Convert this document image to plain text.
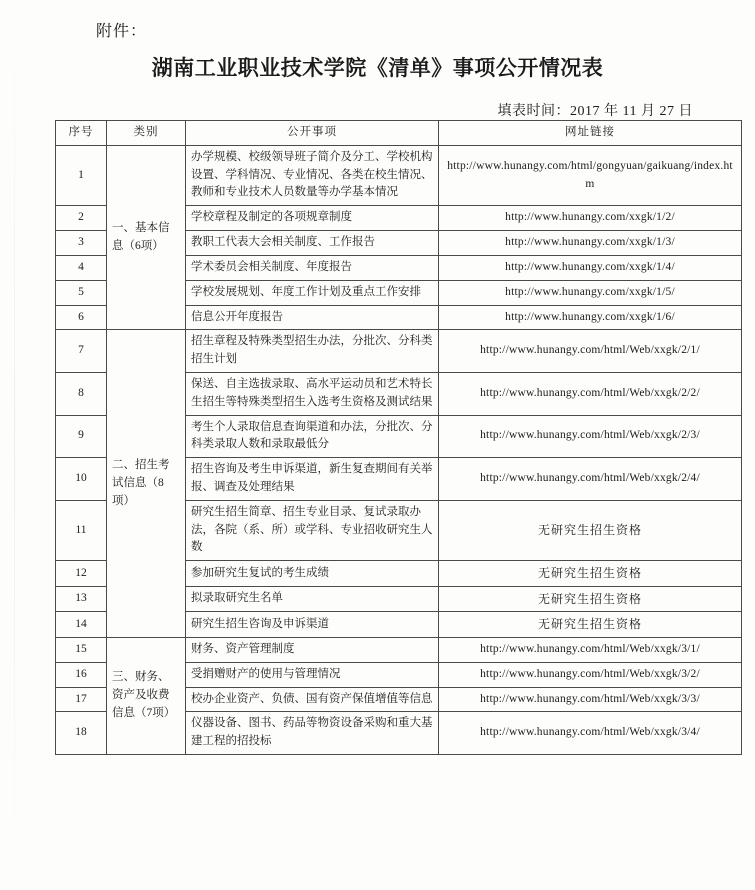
附件：
湖南工业职业技术学院《清单》事项公开情况表
填表时间：2017 年 11 月 27 日
序号	类别	公开事项	网址链接
1	一、基本信息（6项）	办学规模、校级领导班子简介及分工、学校机构设置、学科情况、专业情况、各类在校生情况、教师和专业技术人员数量等办学基本情况	http://www.hunangy.com/html/gongyuan/gaikuang/index.htm
2		学校章程及制定的各项规章制度	http://www.hunangy.com/xxgk/1/2/
3		教职工代表大会相关制度、工作报告	http://www.hunangy.com/xxgk/1/3/
4		学术委员会相关制度、年度报告	http://www.hunangy.com/xxgk/1/4/
5		学校发展规划、年度工作计划及重点工作安排	http://www.hunangy.com/xxgk/1/5/
6		信息公开年度报告	http://www.hunangy.com/xxgk/1/6/
7	二、招生考试信息（8项）	招生章程及特殊类型招生办法，分批次、分科类招生计划	http://www.hunangy.com/html/Web/xxgk/2/1/
8		保送、自主选拔录取、高水平运动员和艺术特长生招生等特殊类型招生入选考生资格及测试结果	http://www.hunangy.com/html/Web/xxgk/2/2/
9		考生个人录取信息查询渠道和办法，分批次、分科类录取人数和录取最低分	http://www.hunangy.com/html/Web/xxgk/2/3/
10		招生咨询及考生申诉渠道，新生复查期间有关举报、调查及处理结果	http://www.hunangy.com/html/Web/xxgk/2/4/
11		研究生招生简章、招生专业目录、复试录取办法，各院（系、所）或学科、专业招收研究生人数	无研究生招生资格
12		参加研究生复试的考生成绩	无研究生招生资格
13		拟录取研究生名单	无研究生招生资格
14		研究生招生咨询及申诉渠道	无研究生招生资格
15	三、财务、资产及收费信息（7项）	财务、资产管理制度	http://www.hunangy.com/html/Web/xxgk/3/1/
16		受捐赠财产的使用与管理情况	http://www.hunangy.com/html/Web/xxgk/3/2/
17		校办企业资产、负债、国有资产保值增值等信息	http://www.hunangy.com/html/Web/xxgk/3/3/
18		仪器设备、图书、药品等物资设备采购和重大基建工程的招投标	http://www.hunangy.com/html/Web/xxgk/3/4/
